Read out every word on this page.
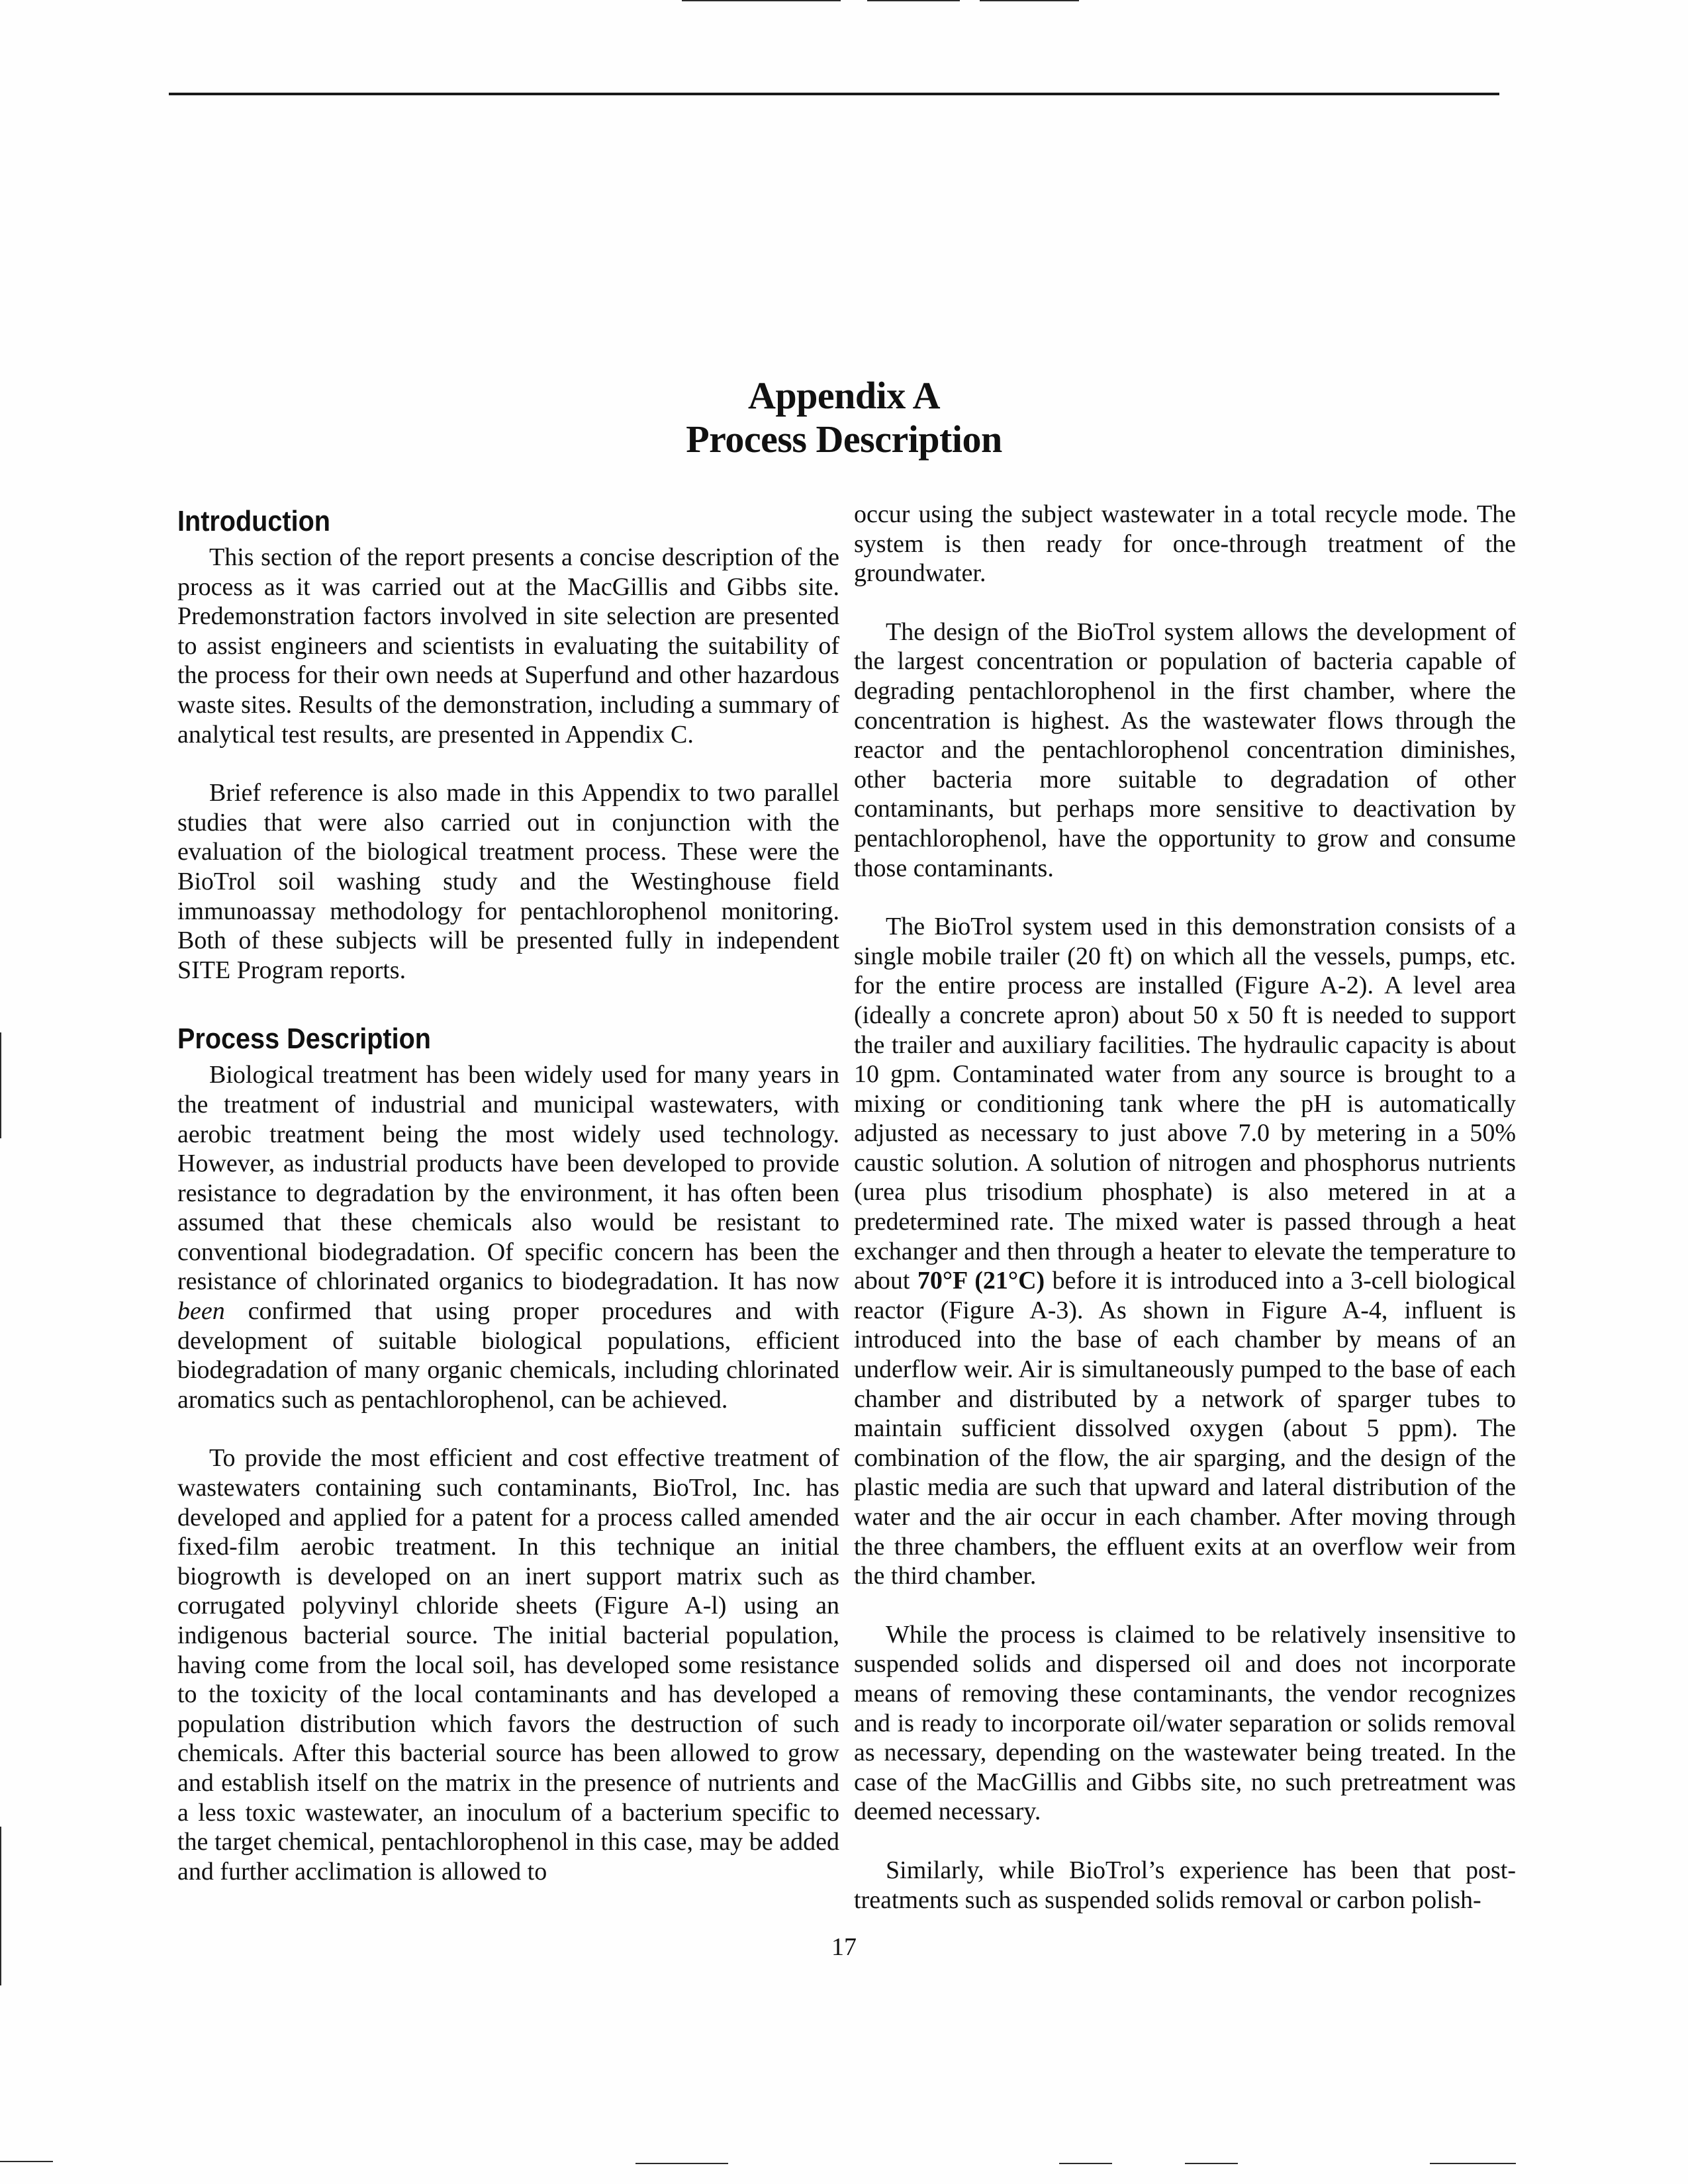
Appendix A
Process Description
Introduction

This section of the report presents a concise description of the process as it was carried out at the MacGillis and Gibbs site. Predemonstration factors involved in site selection are presented to assist engineers and scientists in evaluating the suitability of the process for their own needs at Superfund and other hazardous waste sites. Results of the demonstration, including a summary of analytical test results, are presented in Appendix C.

Brief reference is also made in this Appendix to two parallel studies that were also carried out in conjunction with the evaluation of the biological treatment process. These were the BioTrol soil washing study and the Westinghouse field immunoassay methodology for pentachlorophenol monitoring. Both of these subjects will be presented fully in independent SITE Program reports.

Process Description

Biological treatment has been widely used for many years in the treatment of industrial and municipal wastewaters, with aerobic treatment being the most widely used technology. However, as industrial products have been developed to provide resistance to degradation by the environment, it has often been assumed that these chemicals also would be resistant to conventional biodegradation. Of specific concern has been the resistance of chlorinated organics to biodegradation. It has now been confirmed that using proper procedures and with development of suitable biological populations, efficient biodegradation of many organic chemicals, including chlorinated aromatics such as pentachlorophenol, can be achieved.

To provide the most efficient and cost effective treatment of wastewaters containing such contaminants, BioTrol, Inc. has developed and applied for a patent for a process called amended fixed-film aerobic treatment. In this technique an initial biogrowth is developed on an inert support matrix such as corrugated polyvinyl chloride sheets (Figure A-l) using an indigenous bacterial source. The initial bacterial population, having come from the local soil, has developed some resistance to the toxicity of the local contaminants and has developed a population distribution which favors the destruction of such chemicals. After this bacterial source has been allowed to grow and establish itself on the matrix in the presence of nutrients and a less toxic wastewater, an inoculum of a bacterium specific to the target chemical, pentachlorophenol in this case, may be added and further acclimation is allowed to

occur using the subject wastewater in a total recycle mode. The system is then ready for once-through treatment of the groundwater.

The design of the BioTrol system allows the development of the largest concentration or population of bacteria capable of degrading pentachlorophenol in the first chamber, where the concentration is highest. As the wastewater flows through the reactor and the pentachlorophenol concentration diminishes, other bacteria more suitable to degradation of other contaminants, but perhaps more sensitive to deactivation by pentachlorophenol, have the opportunity to grow and consume those contaminants.

The BioTrol system used in this demonstration consists of a single mobile trailer (20 ft) on which all the vessels, pumps, etc. for the entire process are installed (Figure A-2). A level area (ideally a concrete apron) about 50 x 50 ft is needed to support the trailer and auxiliary facilities. The hydraulic capacity is about 10 gpm. Contaminated water from any source is brought to a mixing or conditioning tank where the pH is automatically adjusted as necessary to just above 7.0 by metering in a 50% caustic solution. A solution of nitrogen and phosphorus nutrients (urea plus trisodium phosphate) is also metered in at a predetermined rate. The mixed water is passed through a heat exchanger and then through a heater to elevate the temperature to about 70°F (21°C) before it is introduced into a 3-cell biological reactor (Figure A-3). As shown in Figure A-4, influent is introduced into the base of each chamber by means of an underflow weir. Air is simultaneously pumped to the base of each chamber and distributed by a network of sparger tubes to maintain sufficient dissolved oxygen (about 5 ppm). The combination of the flow, the air sparging, and the design of the plastic media are such that upward and lateral distribution of the water and the air occur in each chamber. After moving through the three chambers, the effluent exits at an overflow weir from the third chamber.

While the process is claimed to be relatively insensitive to suspended solids and dispersed oil and does not incorporate means of removing these contaminants, the vendor recognizes and is ready to incorporate oil/water separation or solids removal as necessary, depending on the wastewater being treated. In the case of the MacGillis and Gibbs site, no such pretreatment was deemed necessary.

Similarly, while BioTrol’s experience has been that post-treatments such as suspended solids removal or carbon polish-

17
